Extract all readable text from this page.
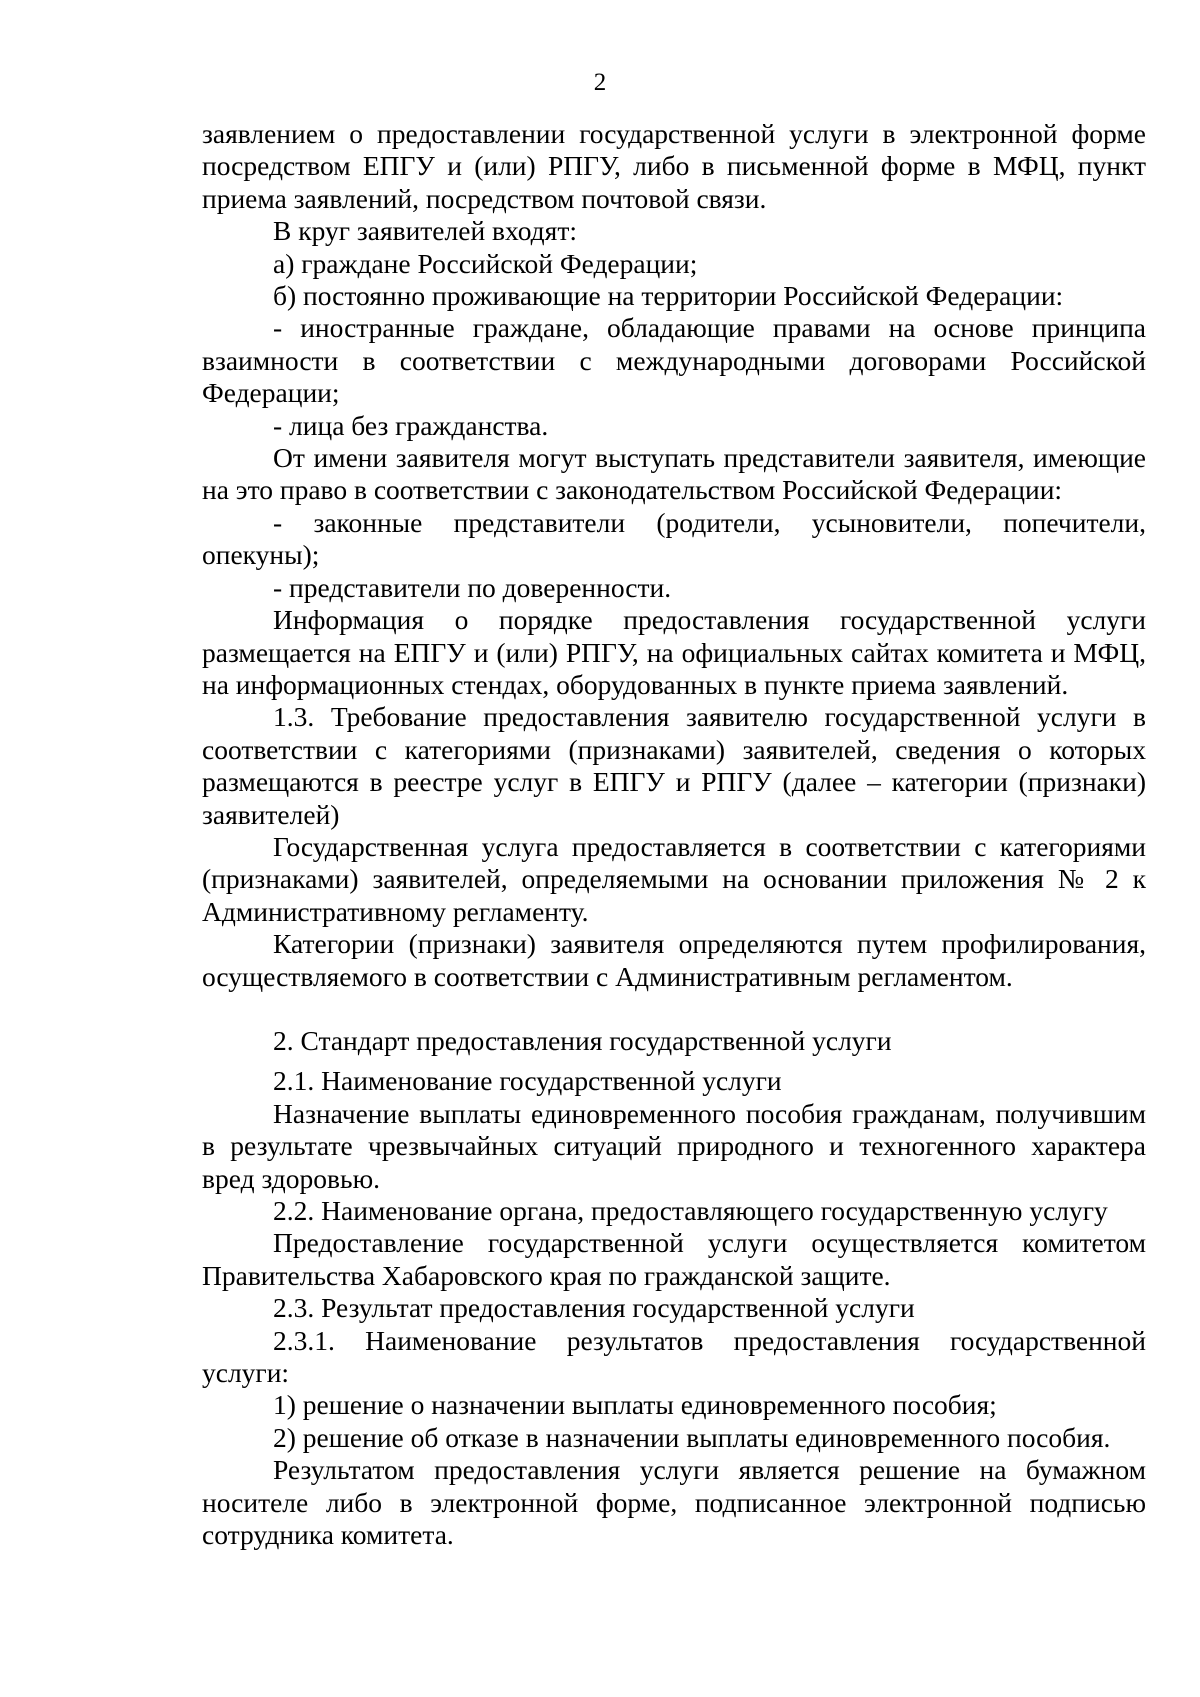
2

заявлением о предоставлении государственной услуги в электронной форме посредством ЕПГУ и (или) РПГУ, либо в письменной форме в МФЦ, пункт приема заявлений, посредством почтовой связи.

В круг заявителей входят:

а) граждане Российской Федерации;

б) постоянно проживающие на территории Российской Федерации:

- иностранные граждане, обладающие правами на основе принципа взаимности в соответствии с международными договорами Российской Федерации;

- лица без гражданства.

От имени заявителя могут выступать представители заявителя, имеющие на это право в соответствии с законодательством Российской Федерации:

- законные представители (родители, усыновители, попечители, опекуны);

- представители по доверенности.

Информация о порядке предоставления государственной услуги размещается на ЕПГУ и (или) РПГУ, на официальных сайтах комитета и МФЦ, на информационных стендах, оборудованных в пункте приема заявлений.

1.3. Требование предоставления заявителю государственной услуги в соответствии с категориями (признаками) заявителей, сведения о которых размещаются в реестре услуг в ЕПГУ и РПГУ (далее – категории (признаки) заявителей)

Государственная услуга предоставляется в соответствии с категориями (признаками) заявителей, определяемыми на основании приложения № 2 к Административному регламенту.

Категории (признаки) заявителя определяются путем профилирования, осуществляемого в соответствии с Административным регламентом.

2. Стандарт предоставления государственной услуги

2.1. Наименование государственной услуги

Назначение выплаты единовременного пособия гражданам, получившим в результате чрезвычайных ситуаций природного и техногенного характера вред здоровью.

2.2. Наименование органа, предоставляющего государственную услугу

Предоставление государственной услуги осуществляется комитетом Правительства Хабаровского края по гражданской защите.

2.3. Результат предоставления государственной услуги

2.3.1. Наименование результатов предоставления государственной услуги:

1) решение о назначении выплаты единовременного пособия;

2) решение об отказе в назначении выплаты единовременного пособия.

Результатом предоставления услуги является решение на бумажном носителе либо в электронной форме, подписанное электронной подписью сотрудника комитета.
